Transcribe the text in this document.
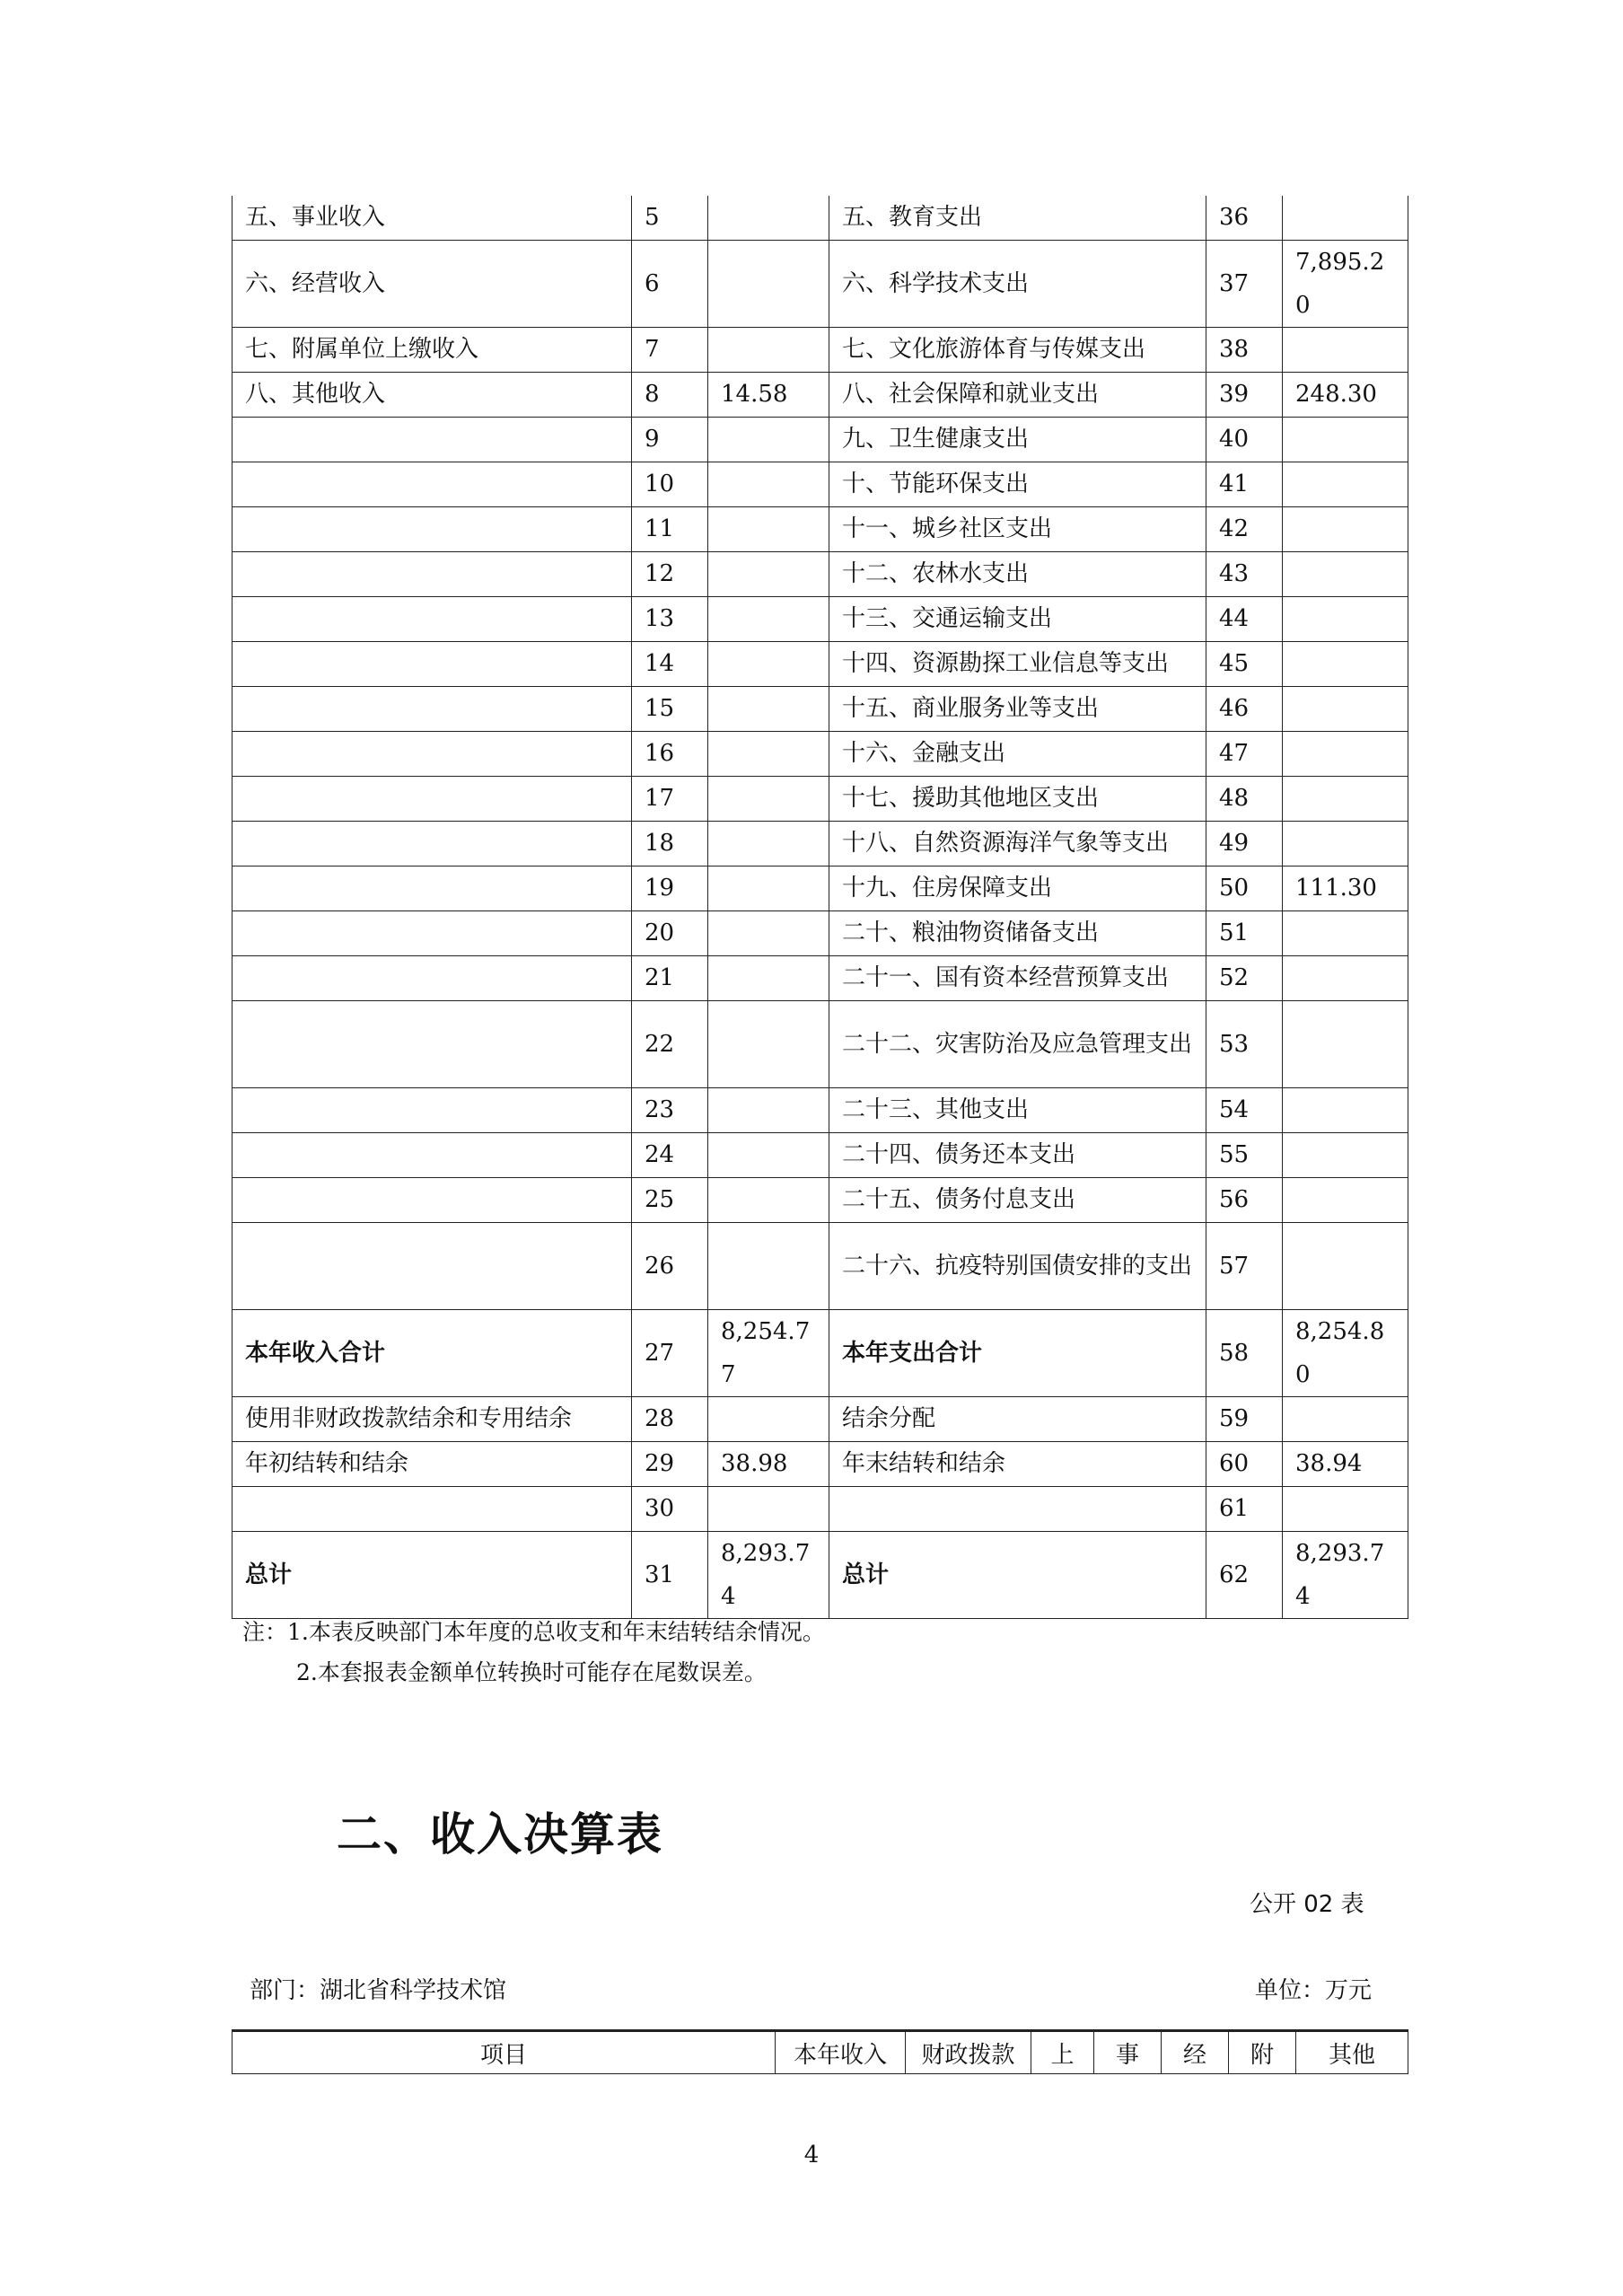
五、事业收入	5		五、教育支出	36	
六、经营收入	6		六、科学技术支出	37	7,895.20
七、附属单位上缴收入	7		七、文化旅游体育与传媒支出	38	
八、其他收入	8	14.58	八、社会保障和就业支出	39	248.30
	9		九、卫生健康支出	40	
	10		十、节能环保支出	41	
	11		十一、城乡社区支出	42	
	12		十二、农林水支出	43	
	13		十三、交通运输支出	44	
	14		十四、资源勘探工业信息等支出	45	
	15		十五、商业服务业等支出	46	
	16		十六、金融支出	47	
	17		十七、援助其他地区支出	48	
	18		十八、自然资源海洋气象等支出	49	
	19		十九、住房保障支出	50	111.30
	20		二十、粮油物资储备支出	51	
	21		二十一、国有资本经营预算支出	52	
	22		二十二、灾害防治及应急管理支出	53	
	23		二十三、其他支出	54	
	24		二十四、债务还本支出	55	
	25		二十五、债务付息支出	56	
	26		二十六、抗疫特别国债安排的支出	57	
本年收入合计	27	8,254.77	本年支出合计	58	8,254.80
使用非财政拨款结余和专用结余	28		结余分配	59	
年初结转和结余	29	38.98	年末结转和结余	60	38.94
	30			61	
总计	31	8,293.74	总计	62	8,293.74
注：1.本表反映部门本年度的总收支和年末结转结余情况。
2.本套报表金额单位转换时可能存在尾数误差。
二、收入决算表
公开 02 表
部门：湖北省科学技术馆	单位：万元
项目	本年收入	财政拨款	上	事	经	附	其他
4
